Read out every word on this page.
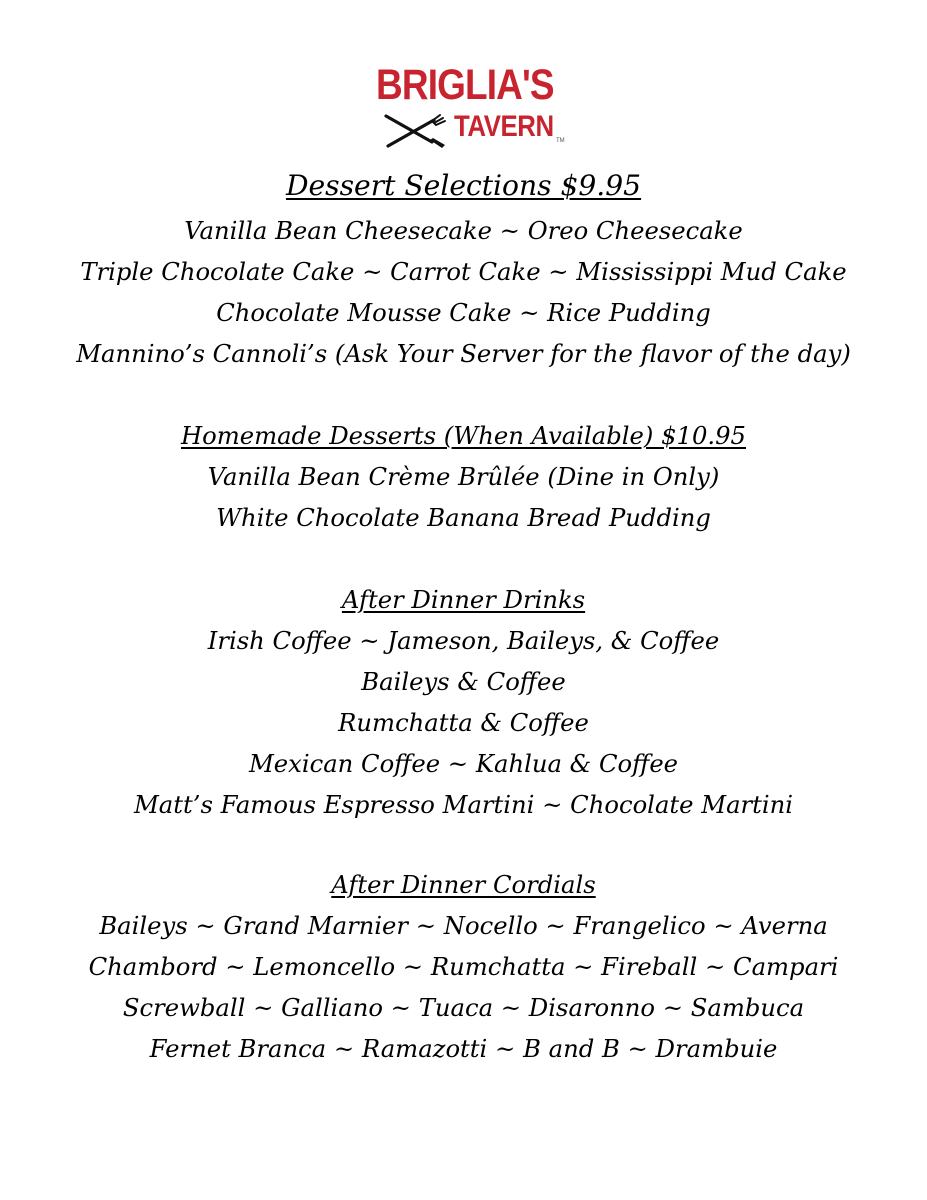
BRIGLIA'S
TAVERN TM
Dessert Selections $9.95
Vanilla Bean Cheesecake ~ Oreo Cheesecake
Triple Chocolate Cake ~ Carrot Cake ~ Mississippi Mud Cake
Chocolate Mousse Cake ~ Rice Pudding
Mannino’s Cannoli’s (Ask Your Server for the flavor of the day)
Homemade Desserts (When Available) $10.95
Vanilla Bean Crème Brûlée (Dine in Only)
White Chocolate Banana Bread Pudding
After Dinner Drinks
Irish Coffee ~ Jameson, Baileys, & Coffee
Baileys & Coffee
Rumchatta & Coffee
Mexican Coffee ~ Kahlua & Coffee
Matt’s Famous Espresso Martini ~ Chocolate Martini
After Dinner Cordials
Baileys ~ Grand Marnier ~ Nocello ~ Frangelico ~ Averna
Chambord ~ Lemoncello ~ Rumchatta ~ Fireball ~ Campari
Screwball ~ Galliano ~ Tuaca ~ Disaronno ~ Sambuca
Fernet Branca ~ Ramazotti ~ B and B ~ Drambuie
